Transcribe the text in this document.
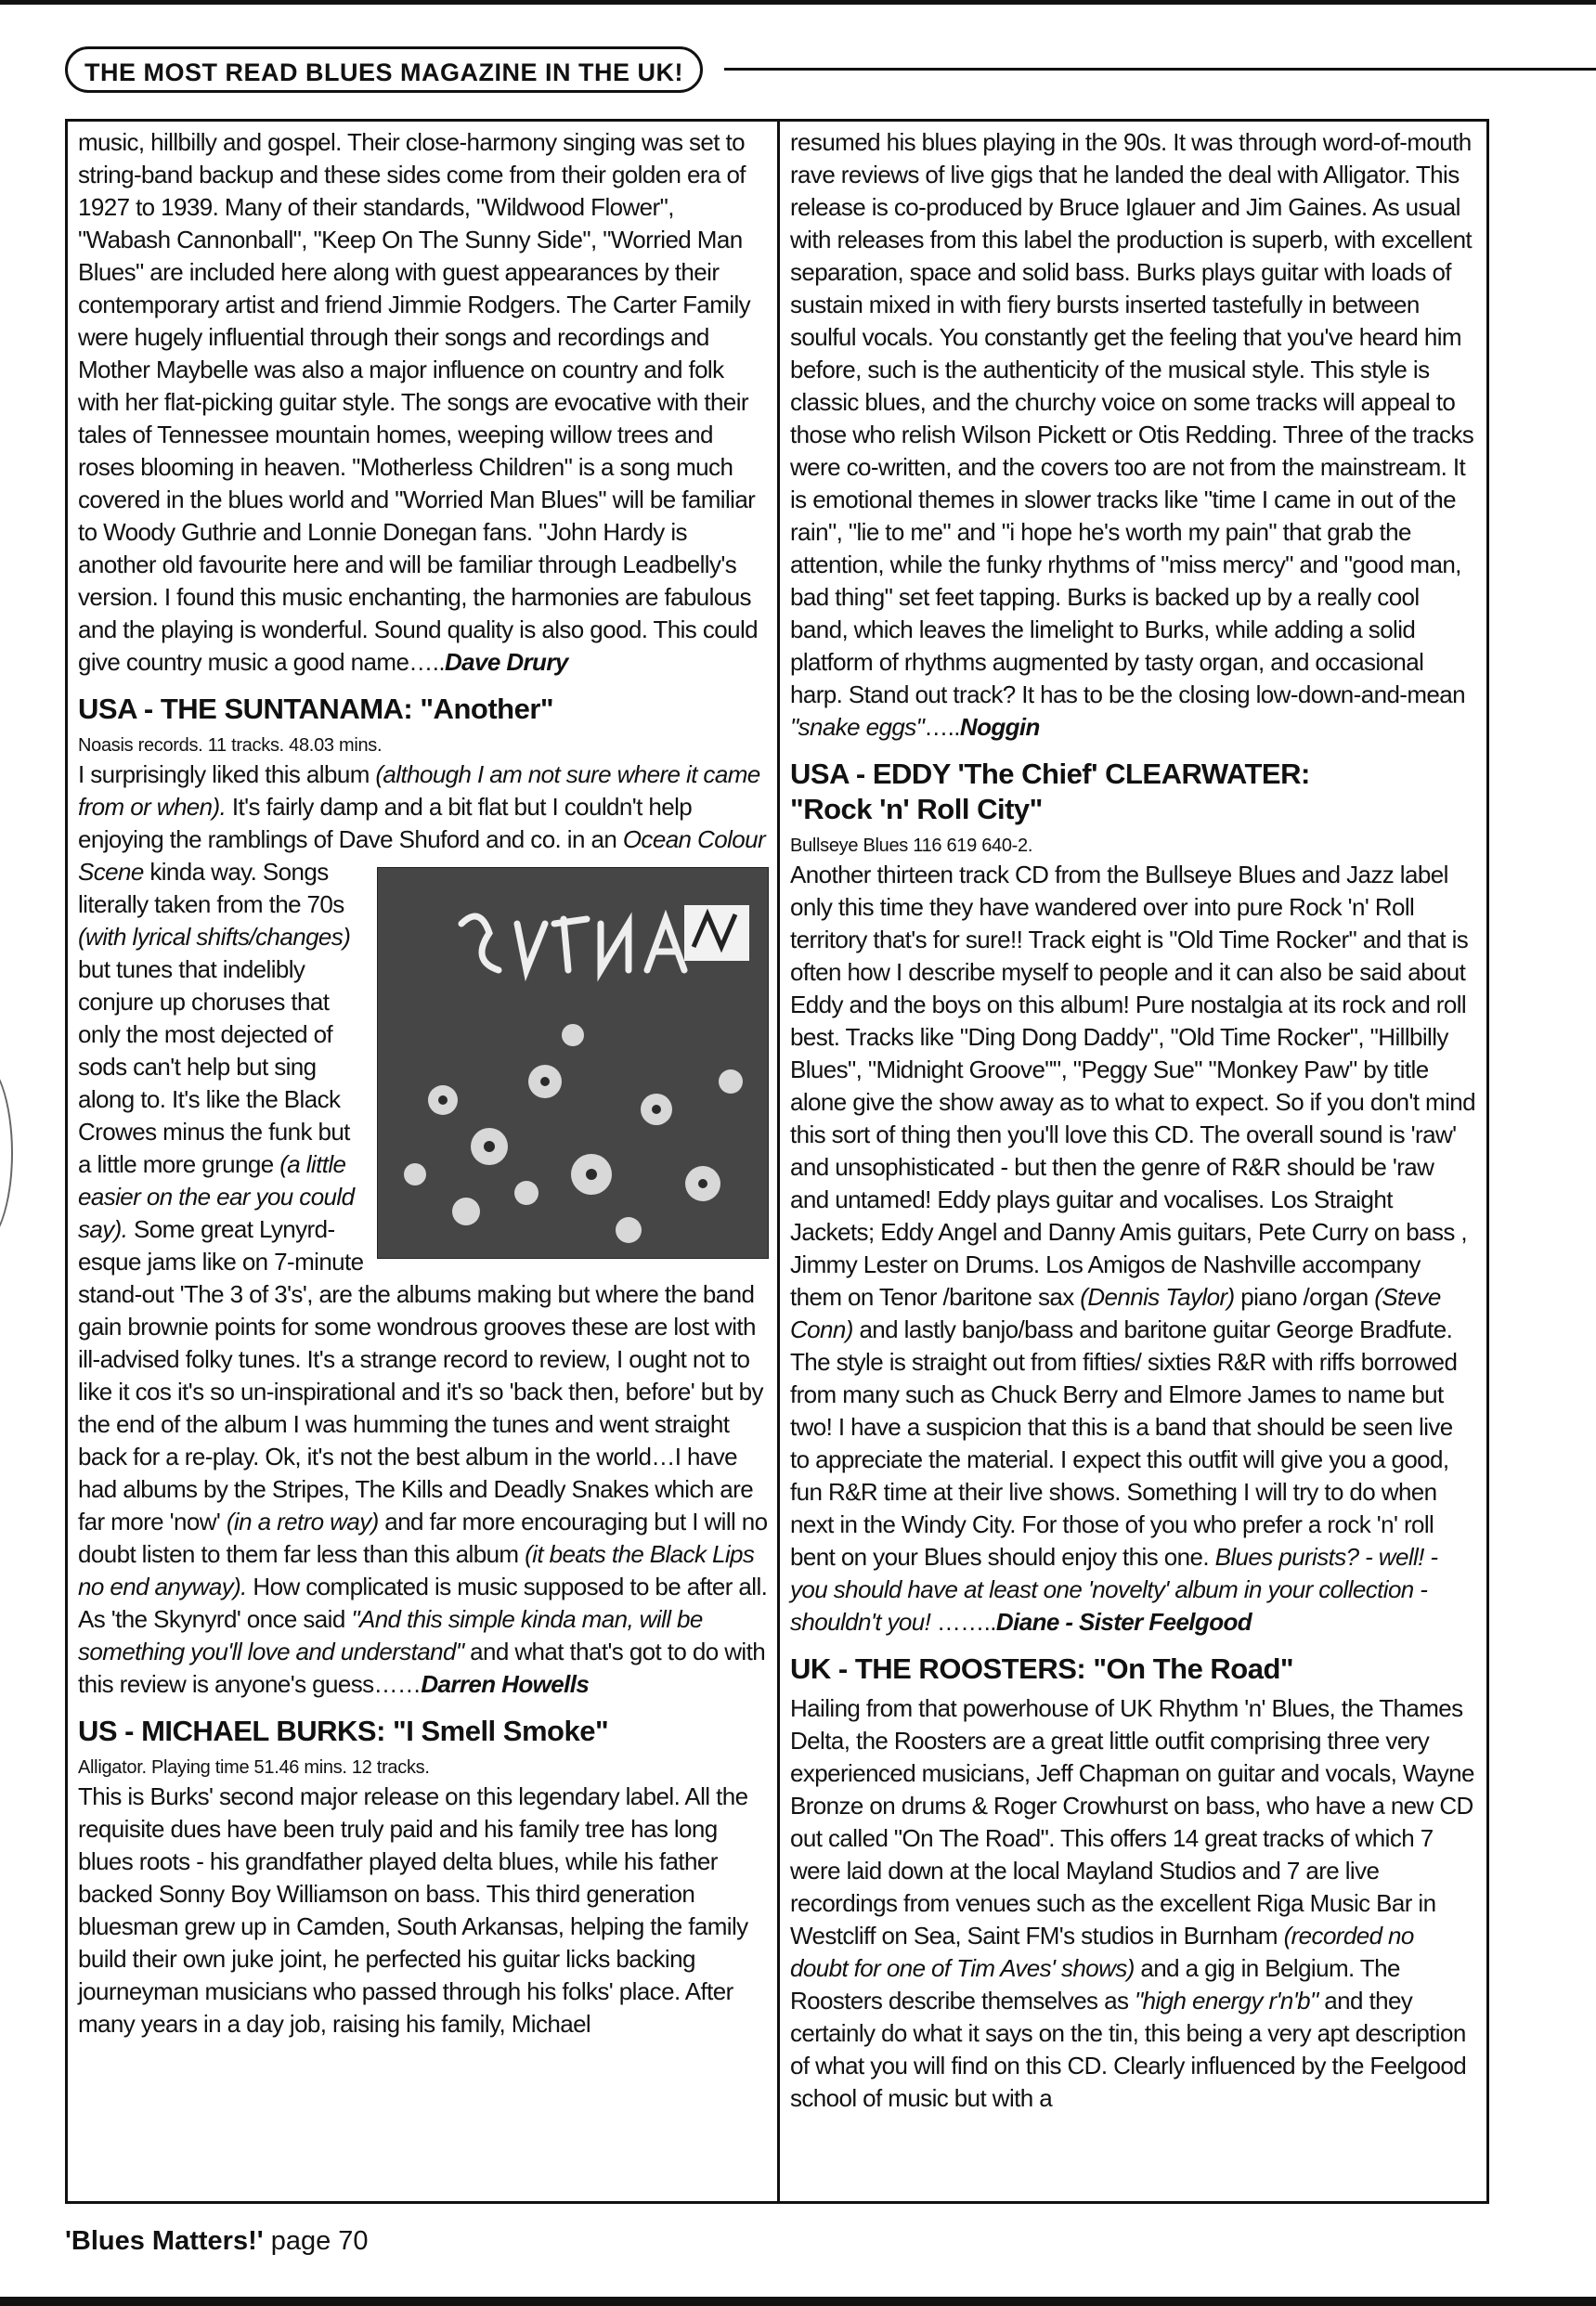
THE MOST READ BLUES MAGAZINE IN THE UK!

music, hillbilly and gospel. Their close-harmony singing was set to string-band backup and these sides come from their golden era of 1927 to 1939. Many of their standards, "Wildwood Flower", "Wabash Cannonball", "Keep On The Sunny Side", "Worried Man Blues" are included here along with guest appearances by their contemporary artist and friend Jimmie Rodgers. The Carter Family were hugely influential through their songs and recordings and Mother Maybelle was also a major influence on country and folk with her flat-picking guitar style. The songs are evocative with their tales of Tennessee mountain homes, weeping willow trees and roses blooming in heaven. "Motherless Children" is a song much covered in the blues world and "Worried Man Blues" will be familiar to Woody Guthrie and Lonnie Donegan fans. "John Hardy is another old favourite here and will be familiar through Leadbelly's version. I found this music enchanting, the harmonies are fabulous and the playing is wonderful. Sound quality is also good. This could give country music a good name…..Dave Drury

USA - THE SUNTANAMA: "Another"

Noasis records. 11 tracks. 48.03 mins.

I surprisingly liked this album (although I am not sure where it came from or when). It's fairly damp and a bit flat but I couldn't help enjoying the ramblings of Dave Shuford and co. in an Ocean Colour Scene
kinda way. Songs literally taken from the 70s (with lyrical shifts/changes) but tunes that indelibly conjure up choruses that only the most dejected of sods can't help but sing along to. It's like the Black Crowes minus the funk but a little more grunge (a little easier on the ear you could say). Some great Lynyrd-esque jams like on 7-minute stand-out 'The 3 of 3's', are the albums making but where the band gain brownie points for some wondrous grooves these are lost with ill-advised folky tunes. It's a strange record to review, I ought not to like it cos it's so un-inspirational and it's so 'back then, before' but by the end of the album I was humming the tunes and went straight back for a re-play. Ok, it's not the best album in the world…I have had albums by the Stripes, The Kills and Deadly Snakes which are far more 'now' (in a retro way) and far more encouraging but I will no doubt listen to them far less than this album (it beats the Black Lips no end anyway). How complicated is music supposed to be after all. As 'the Skynyrd' once said "And this simple kinda man, will be something you'll love and understand" and what that's got to do with this review is anyone's guess……Darren Howells

US - MICHAEL BURKS: "I Smell Smoke"

Alligator. Playing time 51.46 mins. 12 tracks.

This is Burks' second major release on this legendary label. All the requisite dues have been truly paid and his family tree has long blues roots - his grandfather played delta blues, while his father backed Sonny Boy Williamson on bass. This third generation bluesman grew up in Camden, South Arkansas, helping the family build their own juke joint, he perfected his guitar licks backing journeyman musicians who passed through his folks' place. After many years in a day job, raising his family, Michael

resumed his blues playing in the 90s. It was through word-of-mouth rave reviews of live gigs that he landed the deal with Alligator. This release is co-produced by Bruce Iglauer and Jim Gaines. As usual with releases from this label the production is superb, with excellent separation, space and solid bass. Burks plays guitar with loads of sustain mixed in with fiery bursts inserted tastefully in between soulful vocals. You constantly get the feeling that you've heard him before, such is the authenticity of the musical style. This style is classic blues, and the churchy voice on some tracks will appeal to those who relish Wilson Pickett or Otis Redding. Three of the tracks were co-written, and the covers too are not from the mainstream. It is emotional themes in slower tracks like "time I came in out of the rain", "lie to me" and "i hope he's worth my pain" that grab the attention, while the funky rhythms of "miss mercy" and "good man, bad thing" set feet tapping. Burks is backed up by a really cool band, which leaves the limelight to Burks, while adding a solid platform of rhythms augmented by tasty organ, and occasional harp. Stand out track? It has to be the closing low-down-and-mean "snake eggs"…..Noggin

USA - EDDY 'The Chief' CLEARWATER:
"Rock 'n' Roll City"

Bullseye Blues 116 619 640-2.

Another thirteen track CD from the Bullseye Blues and Jazz label only this time they have wandered over into pure Rock 'n' Roll territory that's for sure!! Track eight is "Old Time Rocker" and that is often how I describe myself to people and it can also be said about Eddy and the boys on this album! Pure nostalgia at its rock and roll best. Tracks like "Ding Dong Daddy", "Old Time Rocker", "Hillbilly Blues", "Midnight Groove"", "Peggy Sue" "Monkey Paw" by title alone give the show away as to what to expect. So if you don't mind this sort of thing then you'll love this CD. The overall sound is 'raw' and unsophisticated - but then the genre of R&R should be 'raw and untamed! Eddy plays guitar and vocalises. Los Straight Jackets; Eddy Angel and Danny Amis guitars, Pete Curry on bass , Jimmy Lester on Drums. Los Amigos de Nashville accompany them on Tenor /baritone sax (Dennis Taylor) piano /organ (Steve Conn) and lastly banjo/bass and baritone guitar George Bradfute. The style is straight out from fifties/ sixties R&R with riffs borrowed from many such as Chuck Berry and Elmore James to name but two! I have a suspicion that this is a band that should be seen live to appreciate the material. I expect this outfit will give you a good, fun R&R time at their live shows. Something I will try to do when next in the Windy City. For those of you who prefer a rock 'n' roll bent on your Blues should enjoy this one. Blues purists? - well! - you should have at least one 'novelty' album in your collection - shouldn't you! ……..Diane - Sister Feelgood

UK - THE ROOSTERS: "On The Road"

Hailing from that powerhouse of UK Rhythm 'n' Blues, the Thames Delta, the Roosters are a great little outfit comprising three very experienced musicians, Jeff Chapman on guitar and vocals, Wayne Bronze on drums & Roger Crowhurst on bass, who have a new CD out called "On The Road". This offers 14 great tracks of which 7 were laid down at the local Mayland Studios and 7 are live recordings from venues such as the excellent Riga Music Bar in Westcliff on Sea, Saint FM's studios in Burnham (recorded no doubt for one of Tim Aves' shows) and a gig in Belgium. The Roosters describe themselves as "high energy r'n'b" and they certainly do what it says on the tin, this being a very apt description of what you will find on this CD. Clearly influenced by the Feelgood school of music but with a

'Blues Matters!' page 70
